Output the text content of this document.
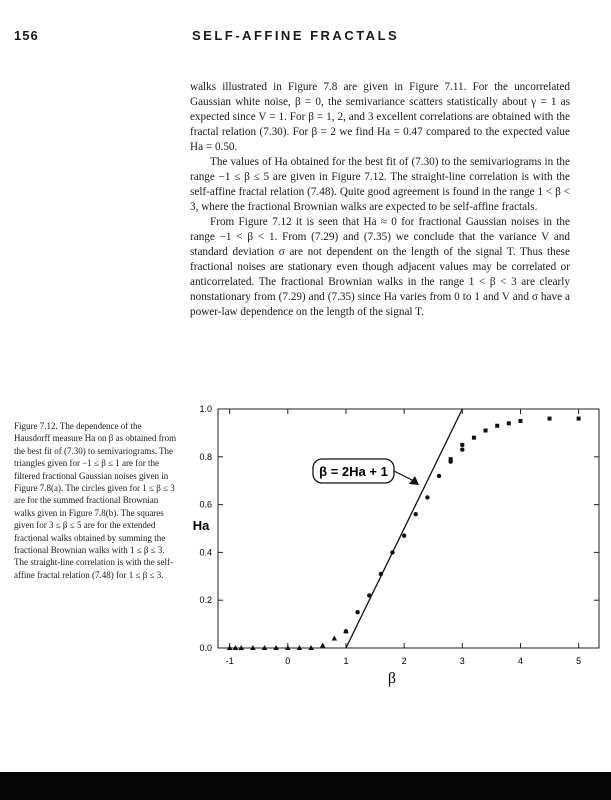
156	SELF-AFFINE FRACTALS

walks illustrated in Figure 7.8 are given in Figure 7.11. For the uncorrelated Gaussian white noise, β = 0, the semivariance scatters statistically about γ = 1 as expected since V = 1. For β = 1, 2, and 3 excellent correlations are obtained with the fractal relation (7.30). For β = 2 we find Ha = 0.47 compared to the expected value Ha = 0.50.

The values of Ha obtained for the best fit of (7.30) to the semivariograms in the range −1 ≤ β ≤ 5 are given in Figure 7.12. The straight-line correlation is with the self-affine fractal relation (7.48). Quite good agreement is found in the range 1 < β < 3, where the fractional Brownian walks are expected to be self-affine fractals.

From Figure 7.12 it is seen that Ha ≈ 0 for fractional Gaussian noises in the range −1 < β < 1. From (7.29) and (7.35) we conclude that the variance V and standard deviation σ are not dependent on the length of the signal T. Thus these fractional noises are stationary even though adjacent values may be correlated or anticorrelated. The fractional Brownian walks in the range 1 < β < 3 are clearly nonstationary from (7.29) and (7.35) since Ha varies from 0 to 1 and V and σ have a power-law dependence on the length of the signal T.

Figure 7.12. The dependence of the Hausdorff measure Ha on β as obtained from the best fit of (7.30) to semivariograms. The triangles given for −1 ≤ β ≤ 1 are for the filtered fractional Gaussian noises given in Figure 7.8(a). The circles given for 1 ≤ β ≤ 3 are for the summed fractional Brownian walks given in Figure 7.8(b). The squares given for 3 ≤ β ≤ 5 are for the extended fractional walks obtained by summing the fractional Brownian walks with 1 ≤ β ≤ 3. The straight-line correlation is with the self-affine fractal relation (7.48) for 1 ≤ β ≤ 3.
-1	0	1	2	3	4	5
0.0
0.2
0.4
0.6
0.8
1.0
β = 2Ha + 1
Ha
β
